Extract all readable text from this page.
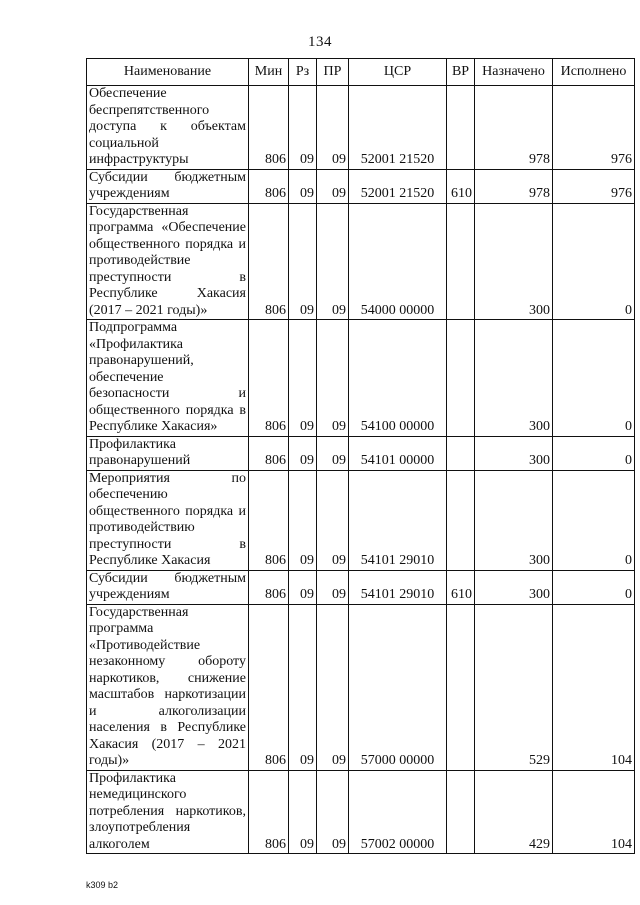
134
Наименование	Мин	Рз	ПР	ЦСР	ВР	Назначено	Исполнено
Обеспечение беспрепятственного доступа к объектам социальной инфраструктуры	806	09	09	52001 21520		978	976
Субсидии бюджетным учреждениям	806	09	09	52001 21520	610	978	976
Государственная программа «Обеспечение общественного порядка и противодействие преступности в Республике Хакасия (2017 – 2021 годы)»	806	09	09	54000 00000		300	0
Подпрограмма «Профилактика правонарушений, обеспечение безопасности и общественного порядка в Республике Хакасия»	806	09	09	54100 00000		300	0
Профилактика правонарушений	806	09	09	54101 00000		300	0
Мероприятия по обеспечению общественного порядка и противодействию преступности в Республике Хакасия	806	09	09	54101 29010		300	0
Субсидии бюджетным учреждениям	806	09	09	54101 29010	610	300	0
Государственная программа «Противодействие незаконному обороту наркотиков, снижение масштабов наркотизации и алкоголизации населения в Республике Хакасия (2017 – 2021 годы)»	806	09	09	57000 00000		529	104
Профилактика немедицинского потребления наркотиков, злоупотребления алкоголем	806	09	09	57002 00000		429	104
k309 b2
